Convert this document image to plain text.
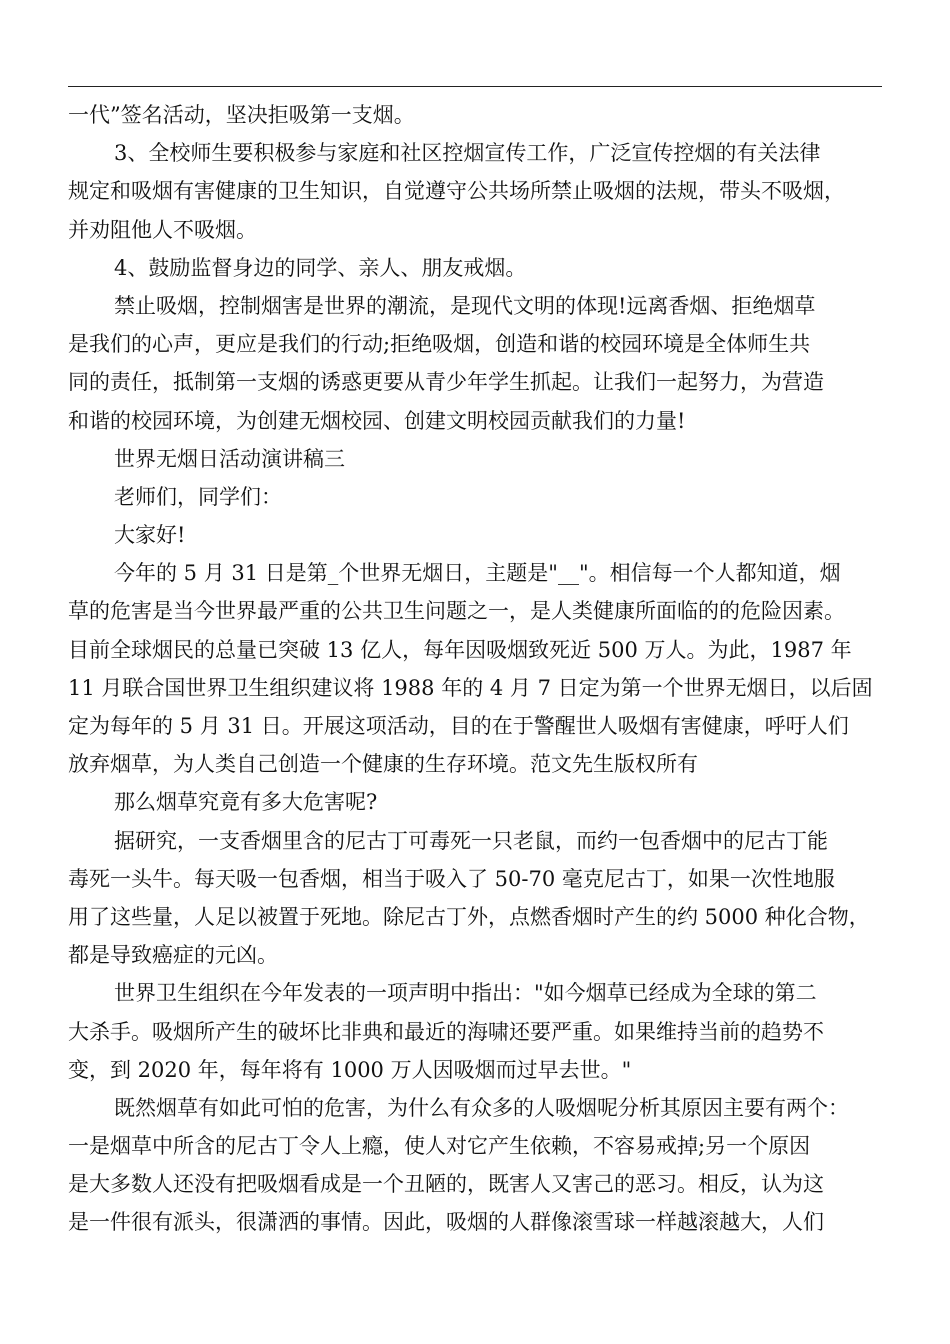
一代”签名活动，坚决拒吸第一支烟。
3、全校师生要积极参与家庭和社区控烟宣传工作，广泛宣传控烟的有关法律
规定和吸烟有害健康的卫生知识，自觉遵守公共场所禁止吸烟的法规，带头不吸烟，
并劝阻他人不吸烟。
4、鼓励监督身边的同学、亲人、朋友戒烟。
禁止吸烟，控制烟害是世界的潮流，是现代文明的体现!远离香烟、拒绝烟草
是我们的心声，更应是我们的行动;拒绝吸烟，创造和谐的校园环境是全体师生共
同的责任，抵制第一支烟的诱惑更要从青少年学生抓起。让我们一起努力，为营造
和谐的校园环境，为创建无烟校园、创建文明校园贡献我们的力量!
世界无烟日活动演讲稿三
老师们，同学们：
大家好!
今年的 5 月 31 日是第_个世界无烟日，主题是"__"。相信每一个人都知道，烟
草的危害是当今世界最严重的公共卫生问题之一，是人类健康所面临的的危险因素。
目前全球烟民的总量已突破 13 亿人，每年因吸烟致死近 500 万人。为此，1987 年
11 月联合国世界卫生组织建议将 1988 年的 4 月 7 日定为第一个世界无烟日，以后固
定为每年的 5 月 31 日。开展这项活动，目的在于警醒世人吸烟有害健康，呼吁人们
放弃烟草，为人类自己创造一个健康的生存环境。范文先生版权所有
那么烟草究竟有多大危害呢?
据研究，一支香烟里含的尼古丁可毒死一只老鼠，而约一包香烟中的尼古丁能
毒死一头牛。每天吸一包香烟，相当于吸入了 50-70 毫克尼古丁，如果一次性地服
用了这些量，人足以被置于死地。除尼古丁外，点燃香烟时产生的约 5000 种化合物，
都是导致癌症的元凶。
世界卫生组织在今年发表的一项声明中指出："如今烟草已经成为全球的第二
大杀手。吸烟所产生的破坏比非典和最近的海啸还要严重。如果维持当前的趋势不
变，到 2020 年，每年将有 1000 万人因吸烟而过早去世。"
既然烟草有如此可怕的危害，为什么有众多的人吸烟呢分析其原因主要有两个：
一是烟草中所含的尼古丁令人上瘾，使人对它产生依赖，不容易戒掉;另一个原因
是大多数人还没有把吸烟看成是一个丑陋的，既害人又害己的恶习。相反，认为这
是一件很有派头，很潇洒的事情。因此，吸烟的人群像滚雪球一样越滚越大，人们
